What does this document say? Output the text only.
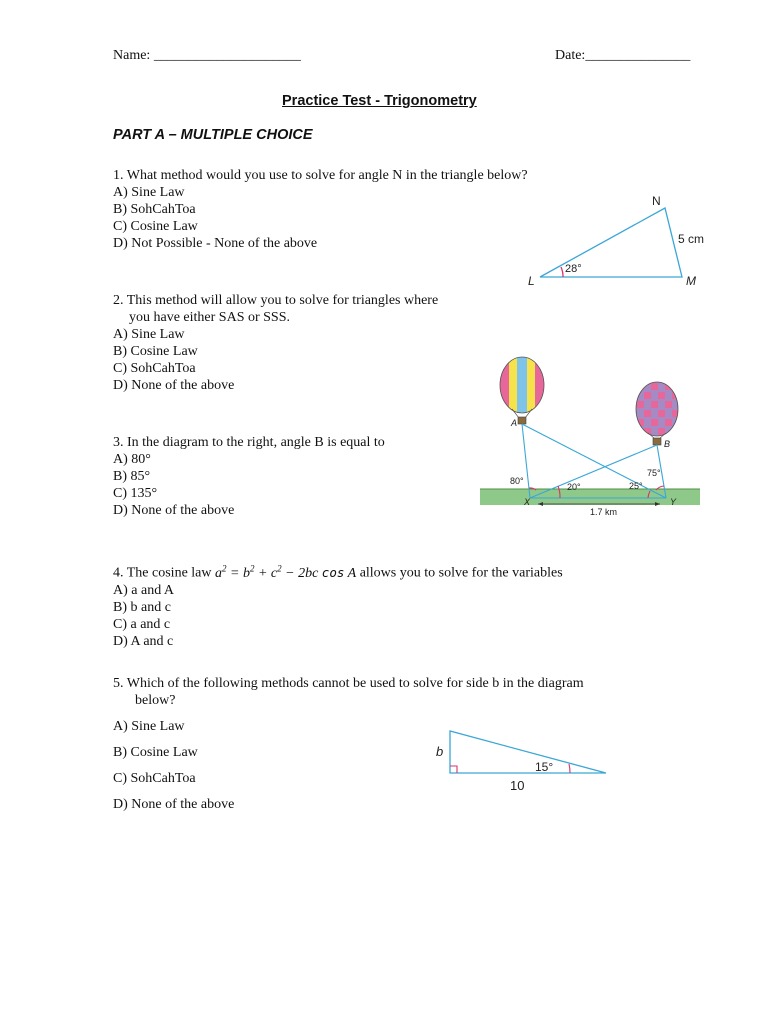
Name: _____________________	Date:_______________
Practice Test - Trigonometry
PART A – MULTIPLE CHOICE
1. What method would you use to solve for angle N in the triangle below?
A) Sine Law
B) SohCahToa
C) Cosine Law
D) Not Possible - None of the above
N
L	M
5 cm
28°
2. This method will allow you to solve for triangles where
you have either SAS or SSS.
A) Sine Law
B) Cosine Law
C) SohCahToa
D) None of the above
A
B
X	Y
80°
20°	25°
75°
1.7 km
3. In the diagram to the right, angle B is equal to
A) 80°
B) 85°
C) 135°
D) None of the above
4. The cosine law $a^2 = b^2 + c^2 - 2bc$ cos A allows you to solve for the variables
A) a and A
B) b and c
C) a and c
D) A and c
5. Which of the following methods cannot be used to solve for side b in the diagram
below?
A) Sine Law
B) Cosine Law
C) SohCahToa
D) None of the above
b
10
15°
